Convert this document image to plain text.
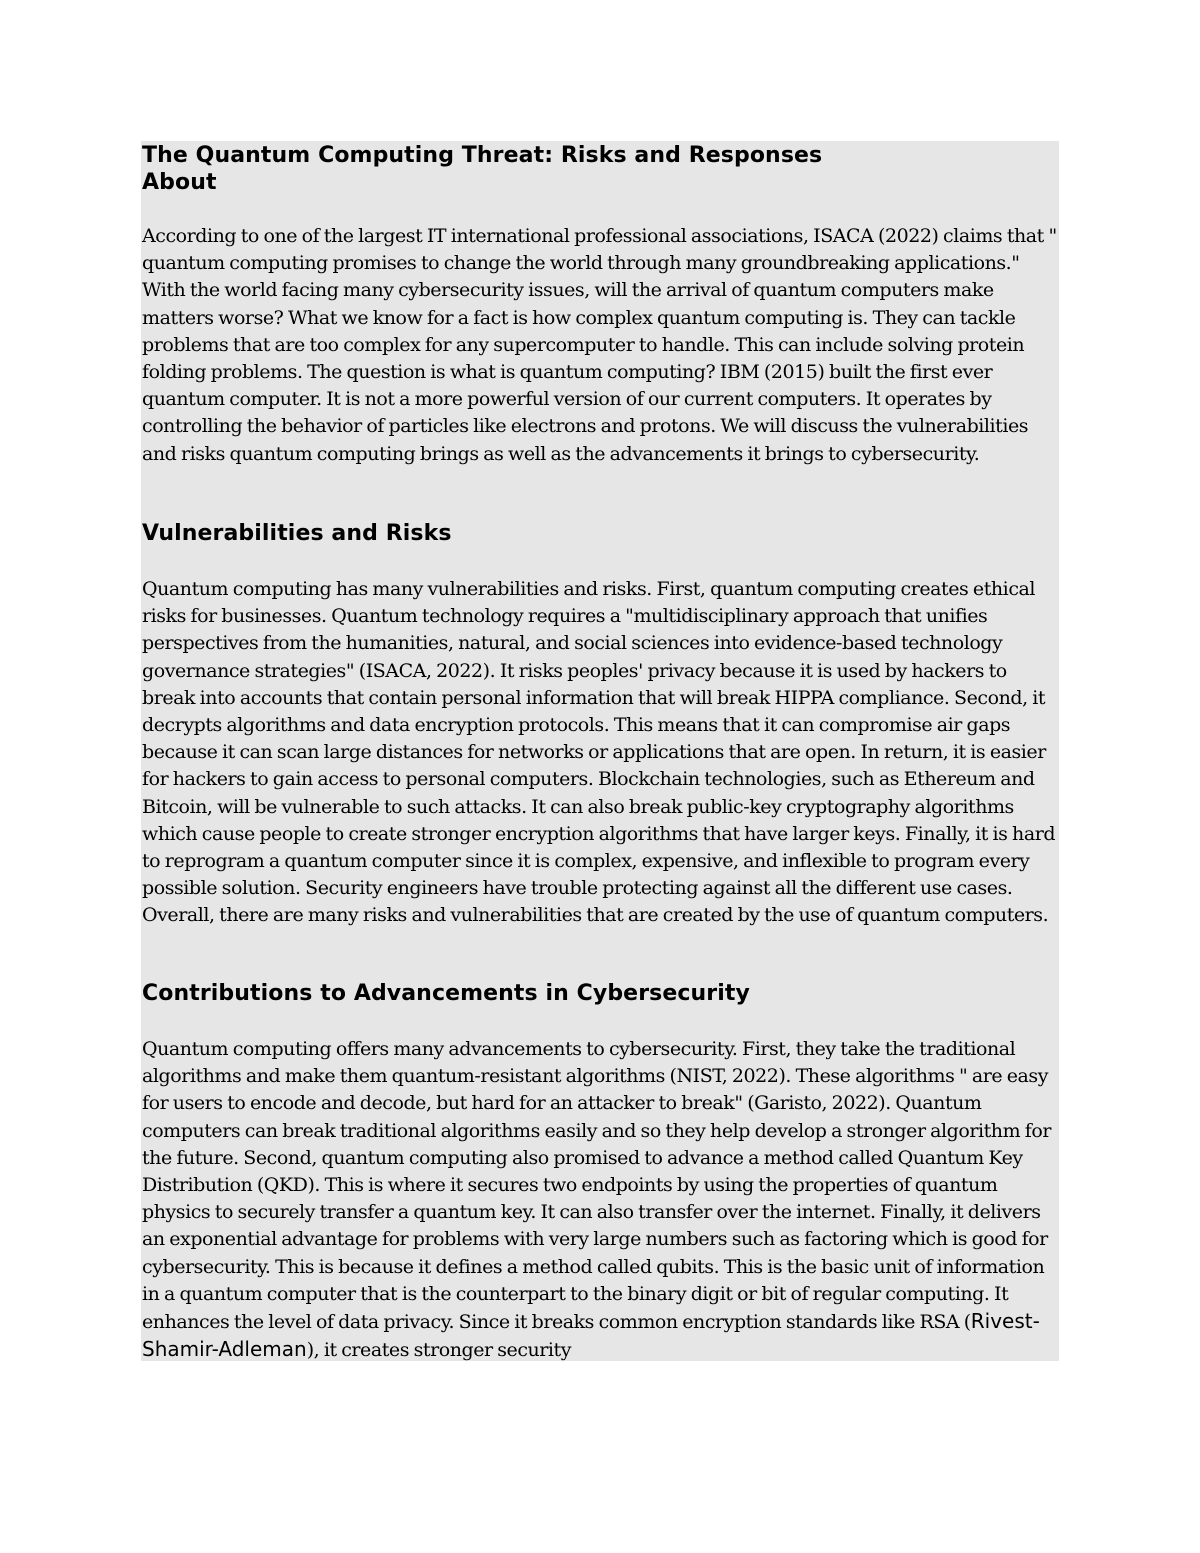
The Quantum Computing Threat: Risks and Responses
About

According to one of the largest IT international professional associations, ISACA (2022) claims that " quantum computing promises to change the world through many groundbreaking applications." With the world facing many cybersecurity issues, will the arrival of quantum computers make matters worse? What we know for a fact is how complex quantum computing is. They can tackle problems that are too complex for any supercomputer to handle. This can include solving protein folding problems. The question is what is quantum computing? IBM (2015) built the first ever quantum computer. It is not a more powerful version of our current computers. It operates by controlling the behavior of particles like electrons and protons. We will discuss the vulnerabilities and risks quantum computing brings as well as the advancements it brings to cybersecurity.

Vulnerabilities and Risks

Quantum computing has many vulnerabilities and risks. First, quantum computing creates ethical risks for businesses. Quantum technology requires a "multidisciplinary approach that unifies perspectives from the humanities, natural, and social sciences into evidence-based technology governance strategies" (ISACA, 2022). It risks peoples' privacy because it is used by hackers to break into accounts that contain personal information that will break HIPPA compliance. Second, it decrypts algorithms and data encryption protocols. This means that it can compromise air gaps because it can scan large distances for networks or applications that are open. In return, it is easier for hackers to gain access to personal computers. Blockchain technologies, such as Ethereum and Bitcoin, will be vulnerable to such attacks. It can also break public-key cryptography algorithms which cause people to create stronger encryption algorithms that have larger keys. Finally, it is hard to reprogram a quantum computer since it is complex, expensive, and inflexible to program every possible solution. Security engineers have trouble protecting against all the different use cases. Overall, there are many risks and vulnerabilities that are created by the use of quantum computers.

Contributions to Advancements in Cybersecurity

Quantum computing offers many advancements to cybersecurity. First, they take the traditional algorithms and make them quantum-resistant algorithms (NIST, 2022). These algorithms " are easy for users to encode and decode, but hard for an attacker to break" (Garisto, 2022). Quantum computers can break traditional algorithms easily and so they help develop a stronger algorithm for the future. Second, quantum computing also promised to advance a method called Quantum Key Distribution (QKD). This is where it secures two endpoints by using the properties of quantum physics to securely transfer a quantum key. It can also transfer over the internet. Finally, it delivers an exponential advantage for problems with very large numbers such as factoring which is good for cybersecurity. This is because it defines a method called qubits. This is the basic unit of information in a quantum computer that is the counterpart to the binary digit or bit of regular computing. It enhances the level of data privacy. Since it breaks common encryption standards like RSA (Rivest-Shamir-Adleman), it creates stronger security
